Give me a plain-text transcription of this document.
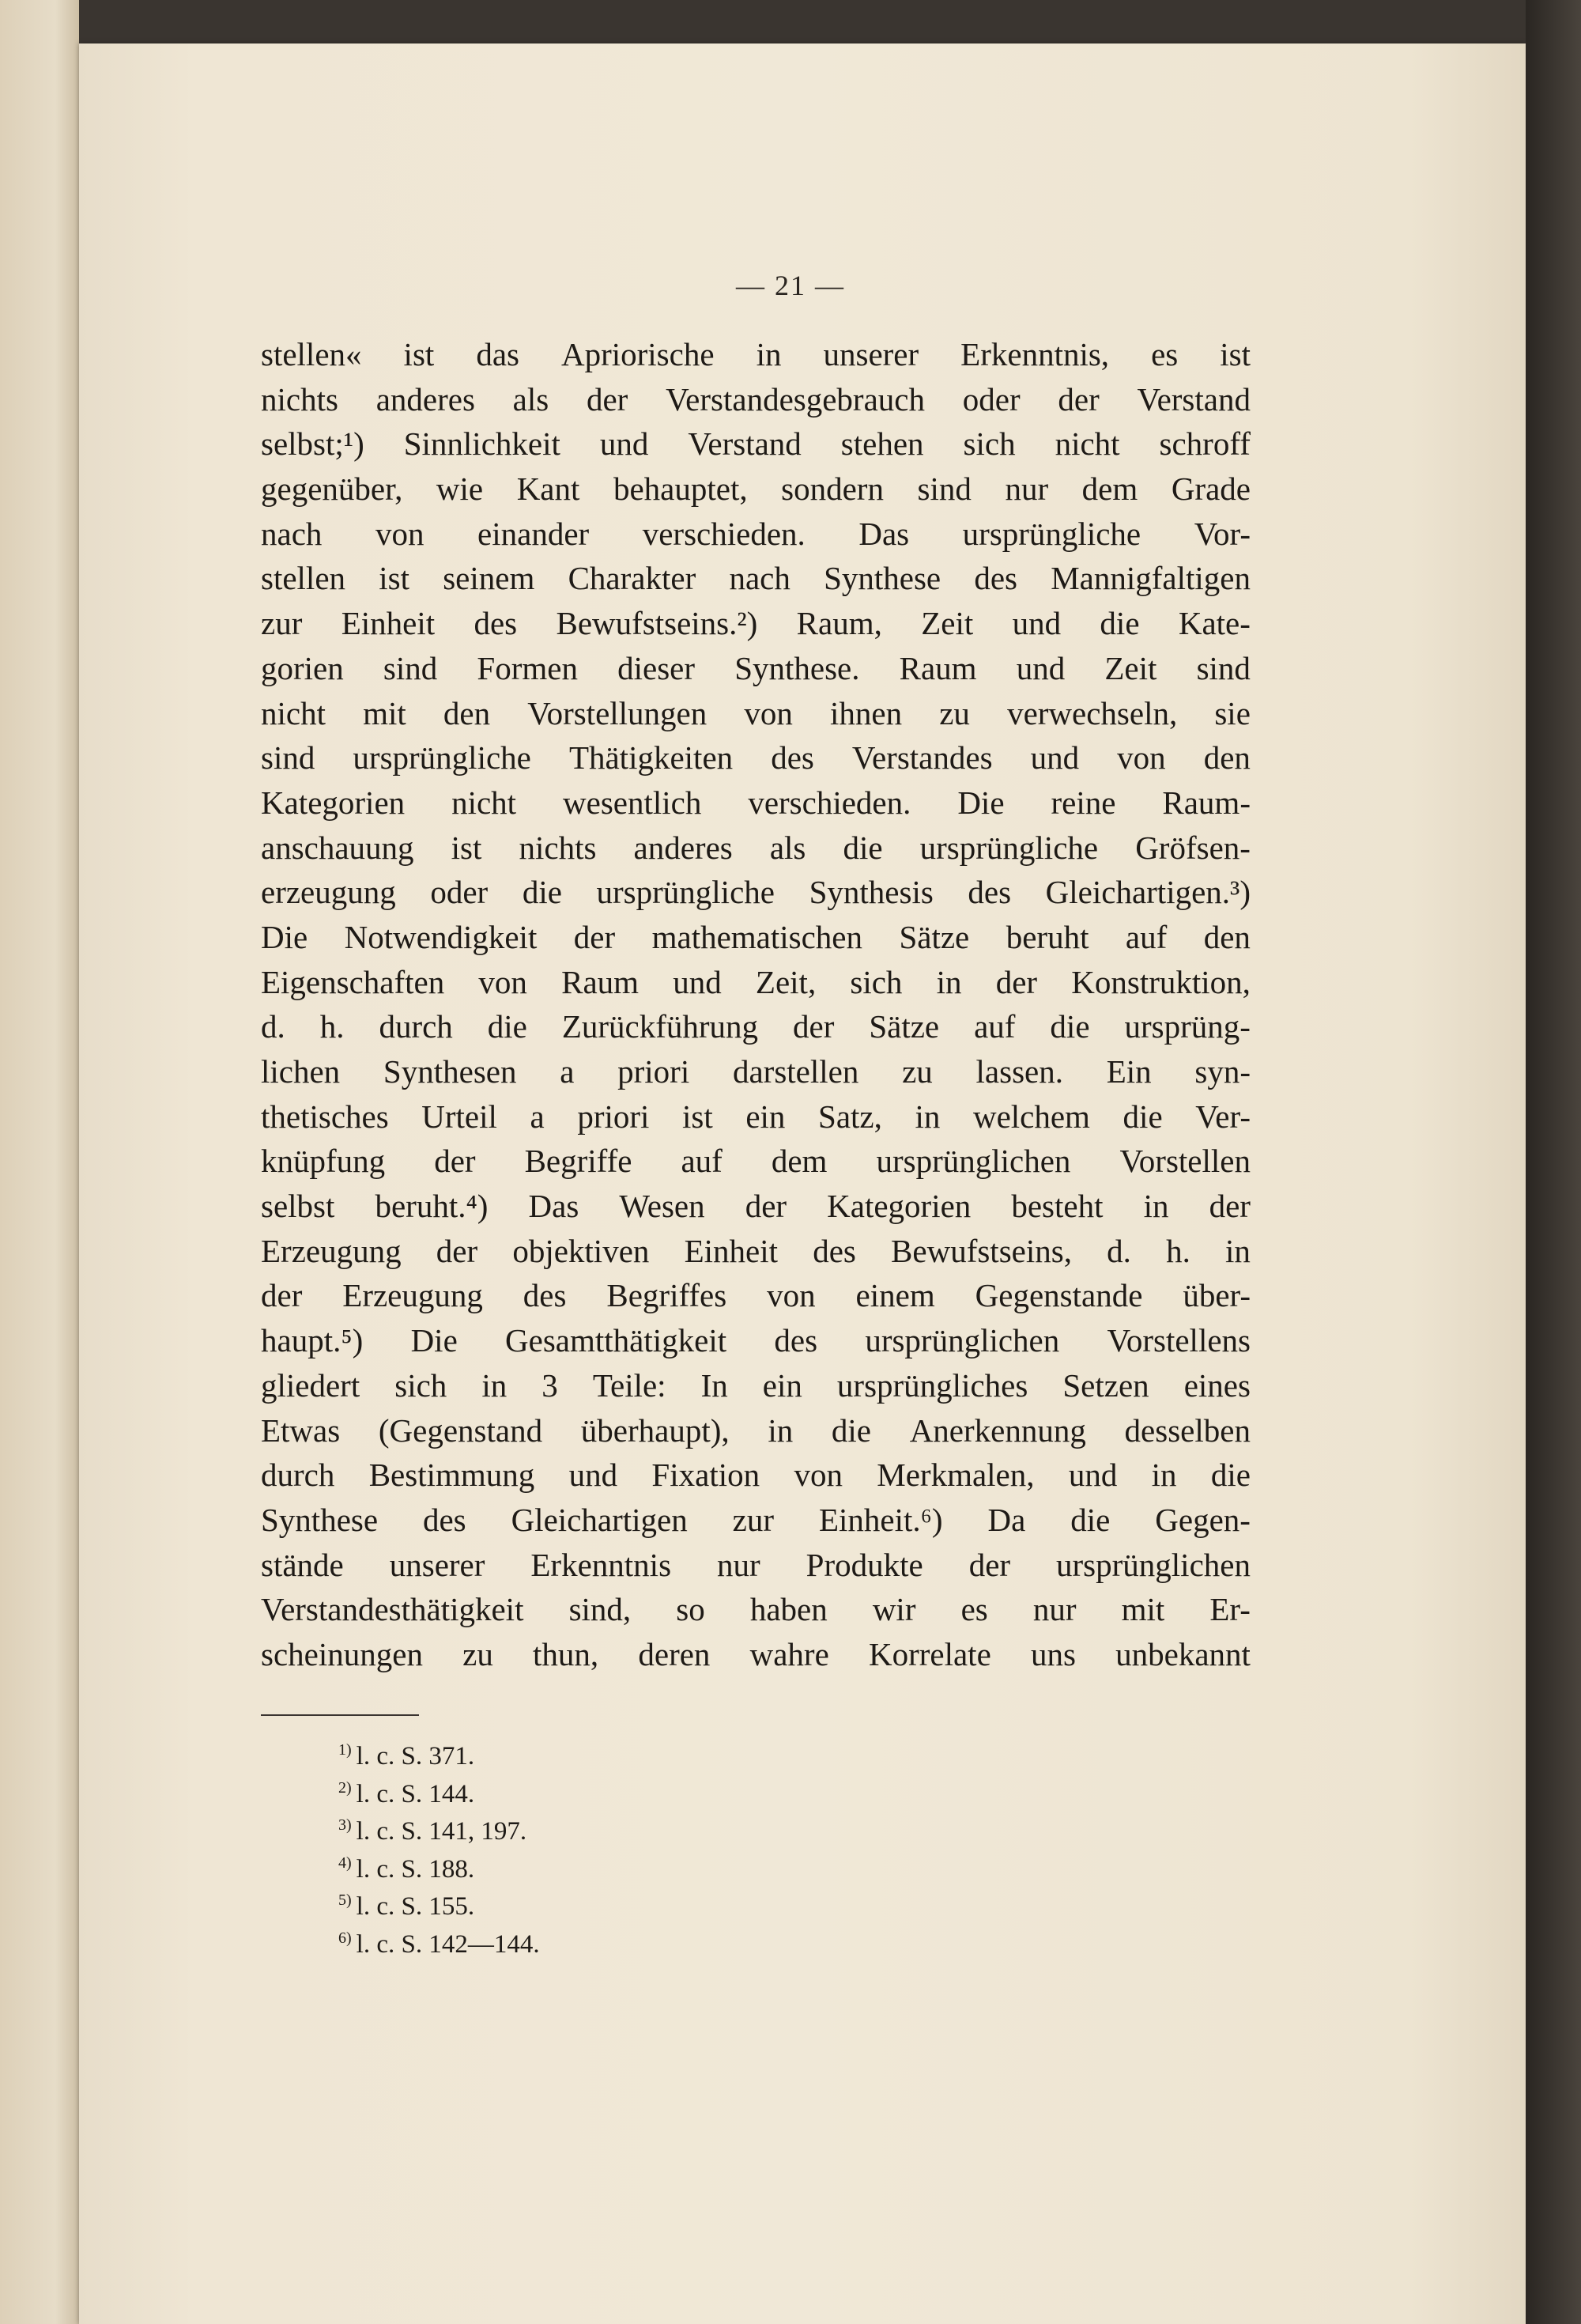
— 21 —
stellen« ist das Apriorische in unserer Erkenntnis, es ist
nichts anderes als der Verstandesgebrauch oder der Verstand
selbst;¹) Sinnlichkeit und Verstand stehen sich nicht schroff
gegenüber, wie Kant behauptet, sondern sind nur dem Grade
nach von einander verschieden. Das ursprüngliche Vor-
stellen ist seinem Charakter nach Synthese des Mannigfaltigen
zur Einheit des Bewufstseins.²) Raum, Zeit und die Kate-
gorien sind Formen dieser Synthese. Raum und Zeit sind
nicht mit den Vorstellungen von ihnen zu verwechseln, sie
sind ursprüngliche Thätigkeiten des Verstandes und von den
Kategorien nicht wesentlich verschieden. Die reine Raum-
anschauung ist nichts anderes als die ursprüngliche Gröfsen-
erzeugung oder die ursprüngliche Synthesis des Gleichartigen.³)
Die Notwendigkeit der mathematischen Sätze beruht auf den
Eigenschaften von Raum und Zeit, sich in der Konstruktion,
d. h. durch die Zurückführung der Sätze auf die ursprüng-
lichen Synthesen a priori darstellen zu lassen. Ein syn-
thetisches Urteil a priori ist ein Satz, in welchem die Ver-
knüpfung der Begriffe auf dem ursprünglichen Vorstellen
selbst beruht.⁴) Das Wesen der Kategorien besteht in der
Erzeugung der objektiven Einheit des Bewufstseins, d. h. in
der Erzeugung des Begriffes von einem Gegenstande über-
haupt.⁵) Die Gesamtthätigkeit des ursprünglichen Vorstellens
gliedert sich in 3 Teile: In ein ursprüngliches Setzen eines
Etwas (Gegenstand überhaupt), in die Anerkennung desselben
durch Bestimmung und Fixation von Merkmalen, und in die
Synthese des Gleichartigen zur Einheit.⁶) Da die Gegen-
stände unserer Erkenntnis nur Produkte der ursprünglichen
Verstandesthätigkeit sind, so haben wir es nur mit Er-
scheinungen zu thun, deren wahre Korrelate uns unbekannt
$^{1)}$ l. c. S. 371.
$^{2)}$ l. c. S. 144.
$^{3)}$ l. c. S. 141, 197.
$^{4)}$ l. c. S. 188.
$^{5)}$ l. c. S. 155.
$^{6)}$ l. c. S. 142—144.
